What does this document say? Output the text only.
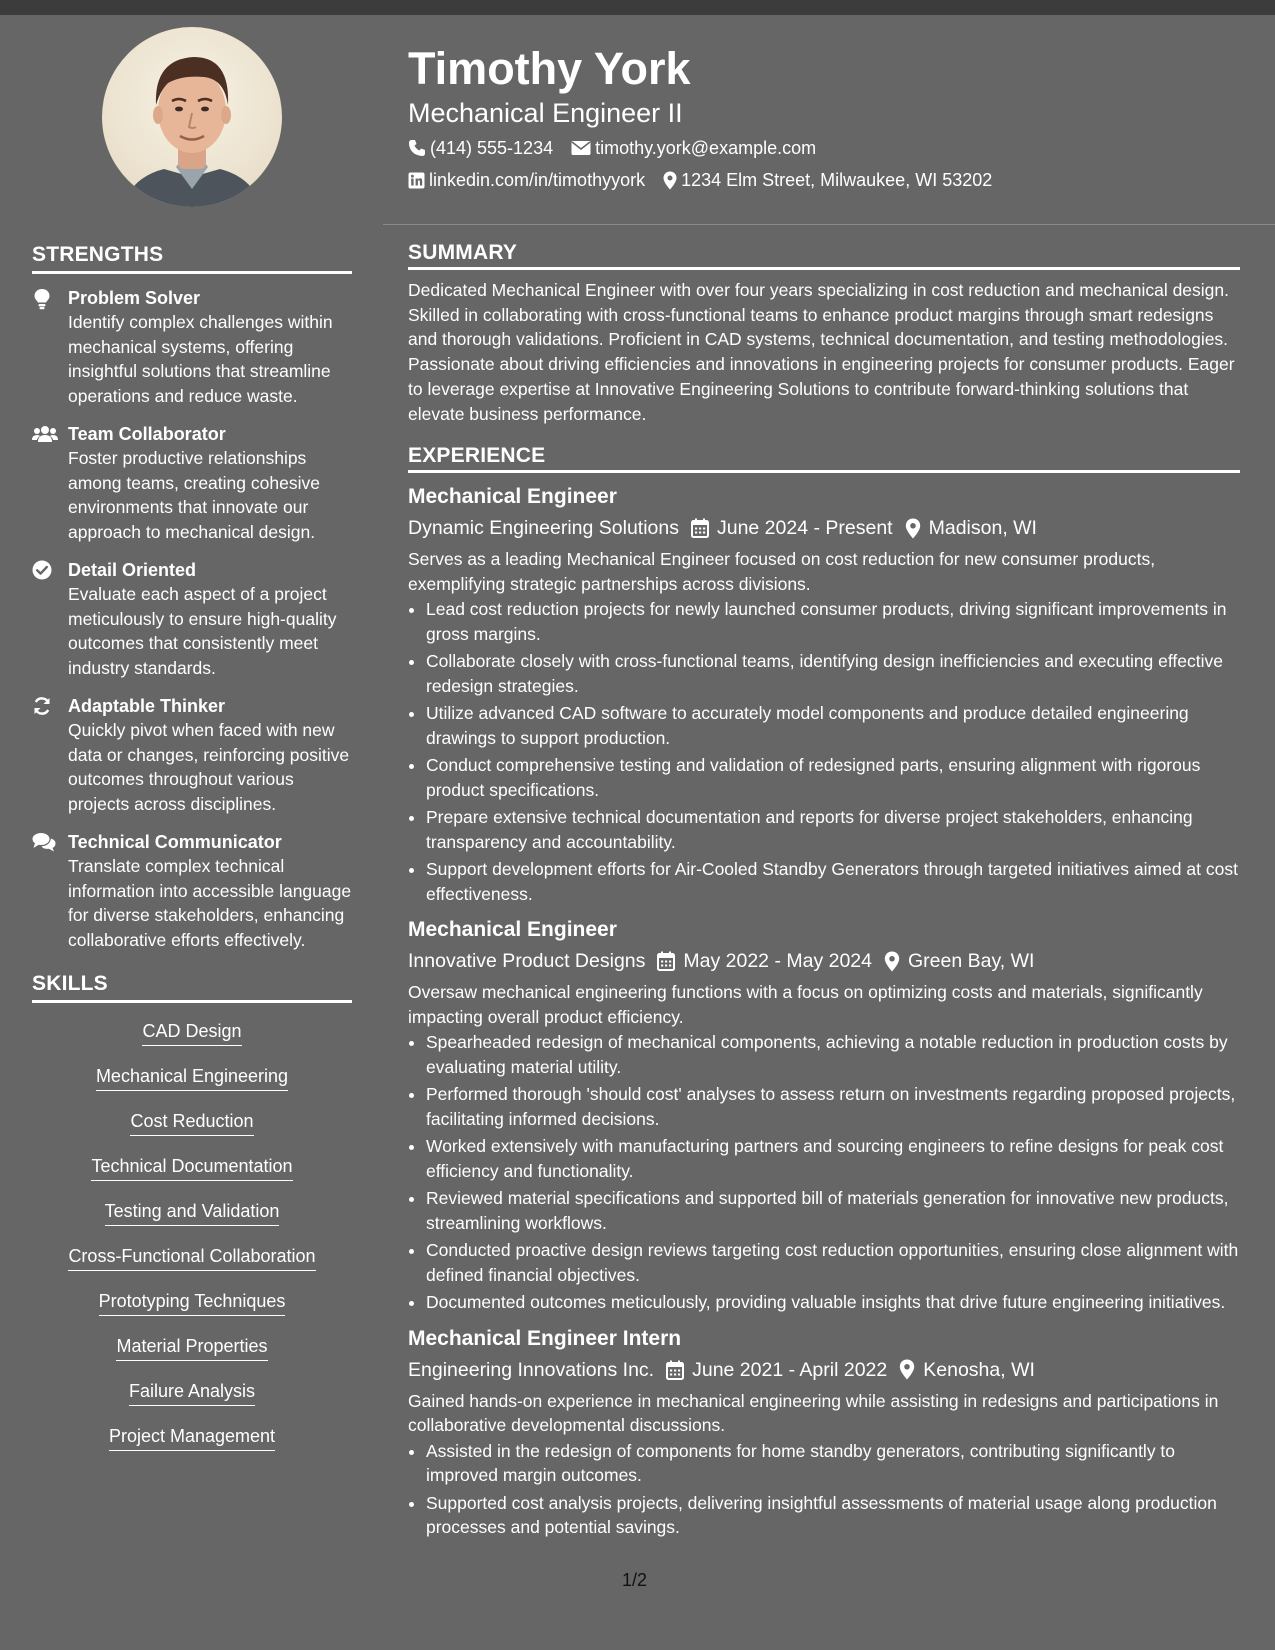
STRENGTHS
Problem Solver
Identify complex challenges within mechanical systems, offering insightful solutions that streamline operations and reduce waste.
Team Collaborator
Foster productive relationships among teams, creating cohesive environments that innovate our approach to mechanical design.
Detail Oriented
Evaluate each aspect of a project meticulously to ensure high-quality outcomes that consistently meet industry standards.
Adaptable Thinker
Quickly pivot when faced with new data or changes, reinforcing positive outcomes throughout various projects across disciplines.
Technical Communicator
Translate complex technical information into accessible language for diverse stakeholders, enhancing collaborative efforts effectively.
SKILLS
CAD Design
Mechanical Engineering
Cost Reduction
Technical Documentation
Testing and Validation
Cross-Functional Collaboration
Prototyping Techniques
Material Properties
Failure Analysis
Project Management
Timothy York
Mechanical Engineer II
(414) 555-1234 timothy.york@example.com
linkedin.com/in/timothyyork 1234 Elm Street, Milwaukee, WI 53202
SUMMARY

Dedicated Mechanical Engineer with over four years specializing in cost reduction and mechanical design. Skilled in collaborating with cross-functional teams to enhance product margins through smart redesigns and thorough validations. Proficient in CAD systems, technical documentation, and testing methodologies. Passionate about driving efficiencies and innovations in engineering projects for consumer products. Eager to leverage expertise at Innovative Engineering Solutions to contribute forward-thinking solutions that elevate business performance.

EXPERIENCE
Mechanical Engineer
Dynamic Engineering Solutions June 2024 - Present Madison, WI
Serves as a leading Mechanical Engineer focused on cost reduction for new consumer products, exemplifying strategic partnerships across divisions.
• Lead cost reduction projects for newly launched consumer products, driving significant improvements in gross margins.
• Collaborate closely with cross-functional teams, identifying design inefficiencies and executing effective redesign strategies.
• Utilize advanced CAD software to accurately model components and produce detailed engineering drawings to support production.
• Conduct comprehensive testing and validation of redesigned parts, ensuring alignment with rigorous product specifications.
• Prepare extensive technical documentation and reports for diverse project stakeholders, enhancing transparency and accountability.
• Support development efforts for Air-Cooled Standby Generators through targeted initiatives aimed at cost effectiveness.
Mechanical Engineer
Innovative Product Designs May 2022 - May 2024 Green Bay, WI
Oversaw mechanical engineering functions with a focus on optimizing costs and materials, significantly impacting overall product efficiency.
• Spearheaded redesign of mechanical components, achieving a notable reduction in production costs by evaluating material utility.
• Performed thorough 'should cost' analyses to assess return on investments regarding proposed projects, facilitating informed decisions.
• Worked extensively with manufacturing partners and sourcing engineers to refine designs for peak cost efficiency and functionality.
• Reviewed material specifications and supported bill of materials generation for innovative new products, streamlining workflows.
• Conducted proactive design reviews targeting cost reduction opportunities, ensuring close alignment with defined financial objectives.
• Documented outcomes meticulously, providing valuable insights that drive future engineering initiatives.
Mechanical Engineer Intern
Engineering Innovations Inc. June 2021 - April 2022 Kenosha, WI
Gained hands-on experience in mechanical engineering while assisting in redesigns and participations in collaborative developmental discussions.
• Assisted in the redesign of components for home standby generators, contributing significantly to improved margin outcomes.
• Supported cost analysis projects, delivering insightful assessments of material usage along production processes and potential savings.
1/2
